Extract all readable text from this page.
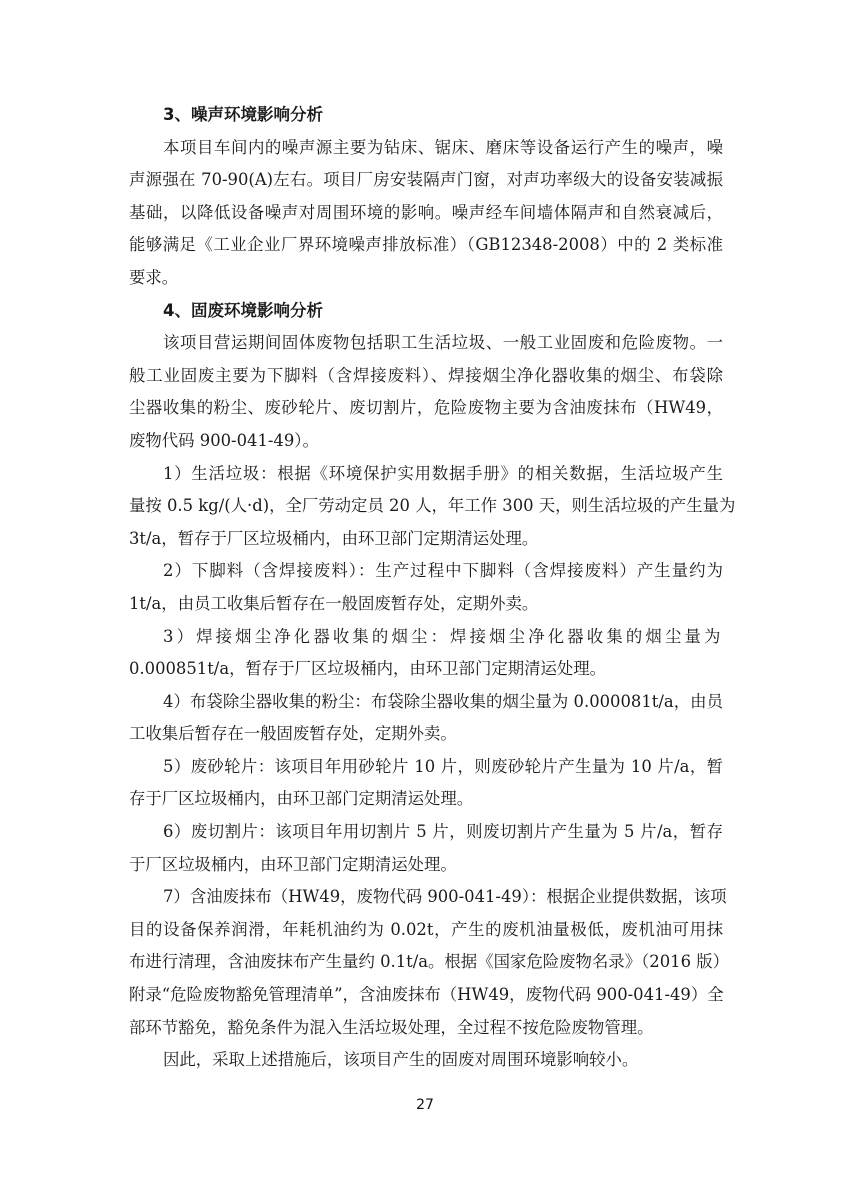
3、噪声环境影响分析
本项目车间内的噪声源主要为钻床、锯床、磨床等设备运行产生的噪声，噪
声源强在 70-90(A)左右。项目厂房安装隔声门窗，对声功率级大的设备安装减振
基础，以降低设备噪声对周围环境的影响。噪声经车间墙体隔声和自然衰减后，
能够满足《工业企业厂界环境噪声排放标准）（GB12348-2008）中的 2 类标准
要求。
4、固废环境影响分析
该项目营运期间固体废物包括职工生活垃圾、一般工业固废和危险废物。一
般工业固废主要为下脚料（含焊接废料）、焊接烟尘净化器收集的烟尘、布袋除
尘器收集的粉尘、废砂轮片、废切割片，危险废物主要为含油废抹布（HW49，
废物代码 900-041-49）。
1）生活垃圾：根据《环境保护实用数据手册》的相关数据，生活垃圾产生
量按 0.5 kg/(人·d)，全厂劳动定员 20 人，年工作 300 天，则生活垃圾的产生量为
3t/a，暂存于厂区垃圾桶内，由环卫部门定期清运处理。
2）下脚料（含焊接废料）：生产过程中下脚料（含焊接废料）产生量约为
1t/a，由员工收集后暂存在一般固废暂存处，定期外卖。
3）焊接烟尘净化器收集的烟尘：焊接烟尘净化器收集的烟尘量为
0.000851t/a，暂存于厂区垃圾桶内，由环卫部门定期清运处理。
4）布袋除尘器收集的粉尘：布袋除尘器收集的烟尘量为 0.000081t/a，由员
工收集后暂存在一般固废暂存处，定期外卖。
5）废砂轮片：该项目年用砂轮片 10 片，则废砂轮片产生量为 10 片/a，暂
存于厂区垃圾桶内，由环卫部门定期清运处理。
6）废切割片：该项目年用切割片 5 片，则废切割片产生量为 5 片/a，暂存
于厂区垃圾桶内，由环卫部门定期清运处理。
7）含油废抹布（HW49，废物代码 900-041-49）：根据企业提供数据，该项
目的设备保养润滑，年耗机油约为 0.02t，产生的废机油量极低，废机油可用抹
布进行清理，含油废抹布产生量约 0.1t/a。根据《国家危险废物名录》（2016 版）
附录“危险废物豁免管理清单”，含油废抹布（HW49，废物代码 900-041-49）全
部环节豁免，豁免条件为混入生活垃圾处理，全过程不按危险废物管理。
因此，采取上述措施后，该项目产生的固废对周围环境影响较小。
27
